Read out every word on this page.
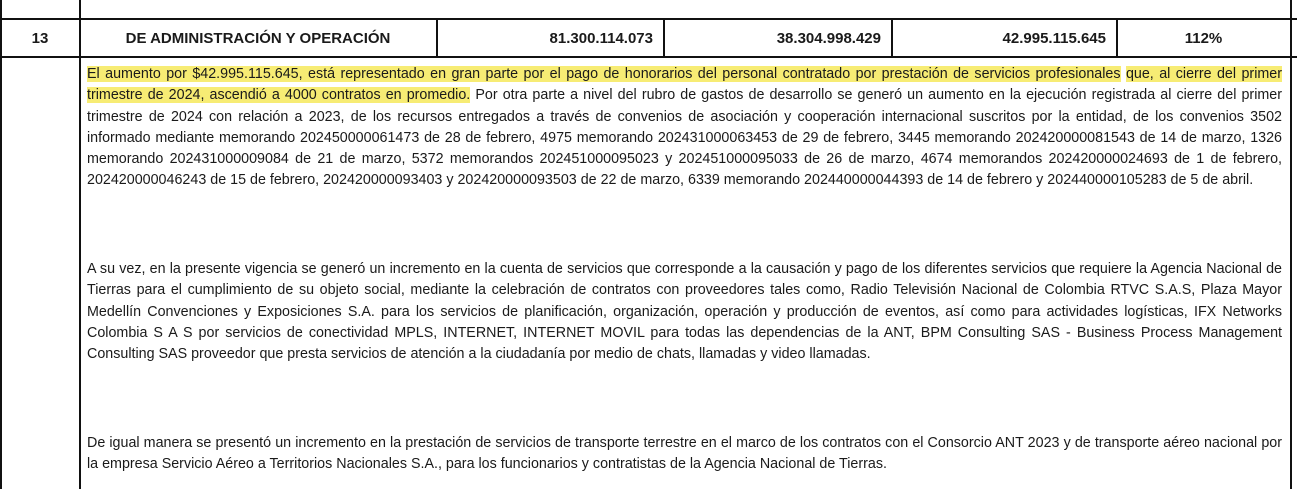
13	DE ADMINISTRACIÓN Y OPERACIÓN	81.300.114.073	38.304.998.429	42.995.115.645	112%

El aumento por $42.995.115.645, está representado en gran parte por el pago de honorarios del personal contratado por prestación de servicios profesionales que, al cierre del primer trimestre de 2024, ascendió a 4000 contratos en promedio. Por otra parte a nivel del rubro de gastos de desarrollo se generó un aumento en la ejecución registrada al cierre del primer trimestre de 2024 con relación a 2023, de los recursos entregados a través de convenios de asociación y cooperación internacional suscritos por la entidad, de los convenios 3502 informado mediante memorando 202450000061473 de 28 de febrero, 4975 memorando 202431000063453 de 29 de febrero, 3445 memorando 202420000081543 de 14 de marzo, 1326 memorando 202431000009084 de 21 de marzo, 5372 memorandos 202451000095023 y 202451000095033 de 26 de marzo, 4674 memorandos 202420000024693 de 1 de febrero, 202420000046243 de 15 de febrero, 202420000093403 y 202420000093503 de 22 de marzo, 6339 memorando 202440000044393 de 14 de febrero y 202440000105283 de 5 de abril.

A su vez, en la presente vigencia se generó un incremento en la cuenta de servicios que corresponde a la causación y pago de los diferentes servicios que requiere la Agencia Nacional de Tierras para el cumplimiento de su objeto social, mediante la celebración de contratos con proveedores tales como, Radio Televisión Nacional de Colombia RTVC S.A.S, Plaza Mayor Medellín Convenciones y Exposiciones S.A. para los servicios de planificación, organización, operación y producción de eventos, así como para actividades logísticas, IFX Networks Colombia S A S por servicios de conectividad MPLS, INTERNET, INTERNET MOVIL para todas las dependencias de la ANT, BPM Consulting SAS - Business Process Management Consulting SAS proveedor que presta servicios de atención a la ciudadanía por medio de chats, llamadas y video llamadas.

De igual manera se presentó un incremento en la prestación de servicios de transporte terrestre en el marco de los contratos con el Consorcio ANT 2023 y de transporte aéreo nacional por la empresa Servicio Aéreo a Territorios Nacionales S.A., para los funcionarios y contratistas de la Agencia Nacional de Tierras.
